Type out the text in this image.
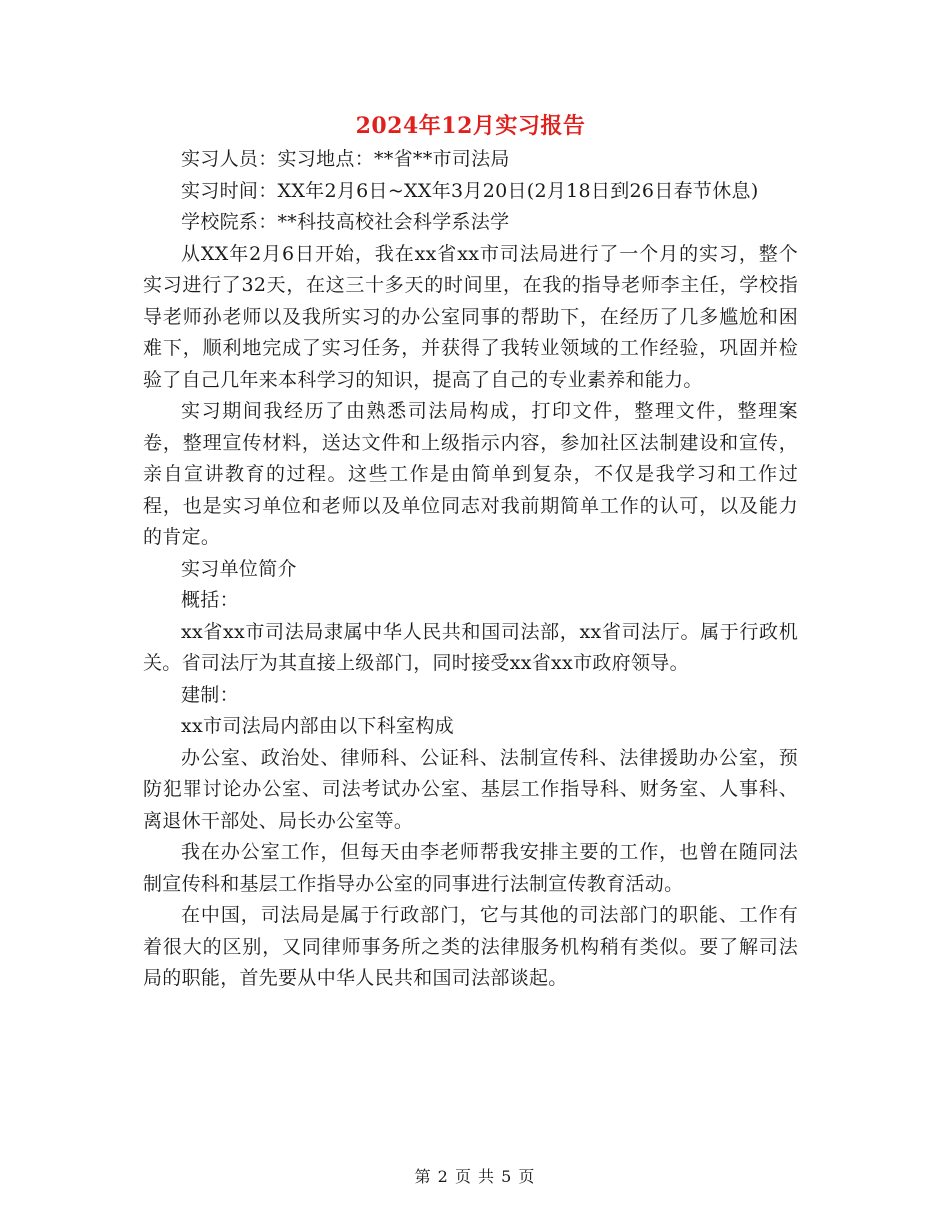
2024年12月实习报告

实习人员：实习地点：**省**市司法局

实习时间：XX年2月6日~XX年3月20日(2月18日到26日春节休息)

学校院系：**科技高校社会科学系法学

从XX年2月6日开始，我在xx省xx市司法局进行了一个月的实习，整个实习进行了32天，在这三十多天的时间里，在我的指导老师李主任，学校指导老师孙老师以及我所实习的办公室同事的帮助下，在经历了几多尴尬和困难下，顺利地完成了实习任务，并获得了我转业领域的工作经验，巩固并检验了自己几年来本科学习的知识，提高了自己的专业素养和能力。

实习期间我经历了由熟悉司法局构成，打印文件，整理文件，整理案卷，整理宣传材料，送达文件和上级指示内容，参加社区法制建设和宣传，亲自宣讲教育的过程。这些工作是由简单到复杂，不仅是我学习和工作过程，也是实习单位和老师以及单位同志对我前期简单工作的认可，以及能力的肯定。

实习单位简介

概括：

xx省xx市司法局隶属中华人民共和国司法部，xx省司法厅。属于行政机关。省司法厅为其直接上级部门，同时接受xx省xx市政府领导。

建制：

xx市司法局内部由以下科室构成

办公室、政治处、律师科、公证科、法制宣传科、法律援助办公室，预防犯罪讨论办公室、司法考试办公室、基层工作指导科、财务室、人事科、离退休干部处、局长办公室等。

我在办公室工作，但每天由李老师帮我安排主要的工作，也曾在随同法制宣传科和基层工作指导办公室的同事进行法制宣传教育活动。

在中国，司法局是属于行政部门，它与其他的司法部门的职能、工作有着很大的区别，又同律师事务所之类的法律服务机构稍有类似。要了解司法局的职能，首先要从中华人民共和国司法部谈起。

第 2 页 共 5 页
